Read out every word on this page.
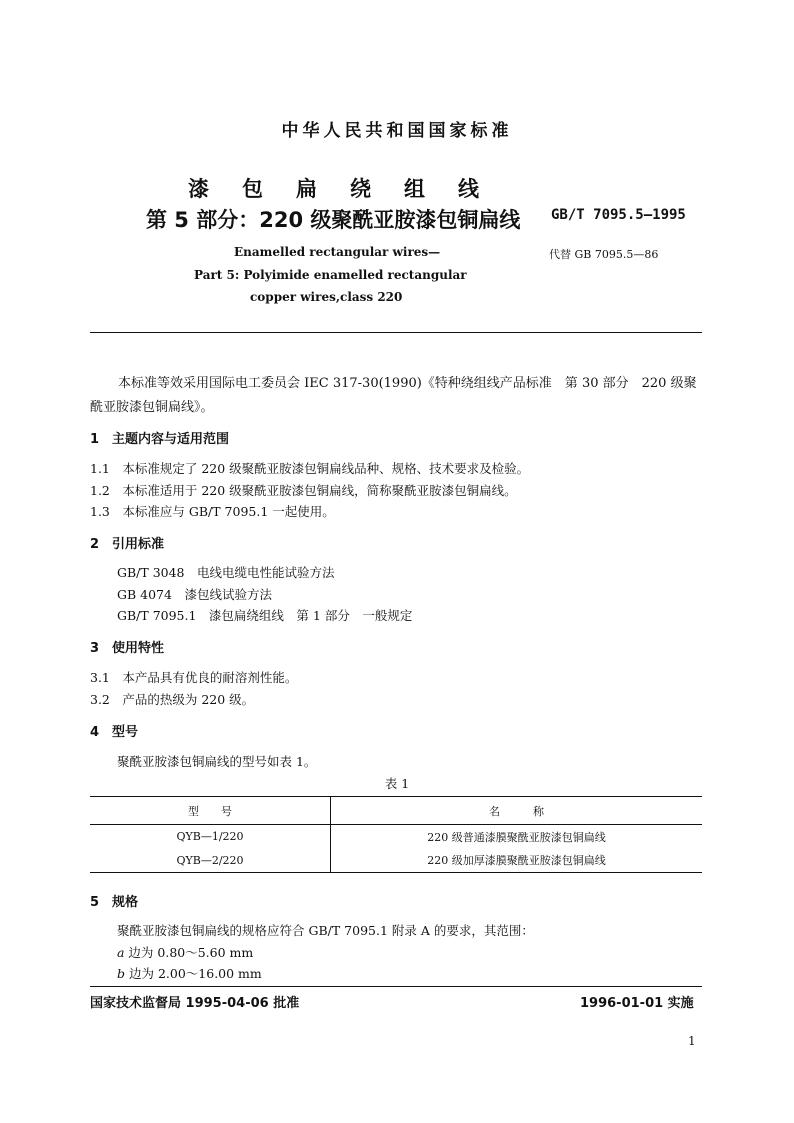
中华人民共和国国家标准
漆包扁绕组线
第 5 部分：220 级聚酰亚胺漆包铜扁线 GB/T 7095.5—1995
代替 GB 7095.5—86
Enamelled rectangular wires—
Part 5: Polyimide enamelled rectangular
copper wires,class 220
本标准等效采用国际电工委员会 IEC 317-30(1990)《特种绕组线产品标准　第 30 部分　220 级聚酰亚胺漆包铜扁线》。
1　主题内容与适用范围
1.1　本标准规定了 220 级聚酰亚胺漆包铜扁线品种、规格、技术要求及检验。
1.2　本标准适用于 220 级聚酰亚胺漆包铜扁线，简称聚酰亚胺漆包铜扁线。
1.3　本标准应与 GB/T 7095.1 一起使用。
2　引用标准
GB/T 3048　电线电缆电性能试验方法
GB 4074　漆包线试验方法
GB/T 7095.1　漆包扁绕组线　第 1 部分　一般规定
3　使用特性
3.1　本产品具有优良的耐溶剂性能。
3.2　产品的热级为 220 级。
4　型号
聚酰亚胺漆包铜扁线的型号如表 1。
表 1
型　　号	名　　　称
QYB—1/220	220 级普通漆膜聚酰亚胺漆包铜扁线
QYB—2/220	220 级加厚漆膜聚酰亚胺漆包铜扁线
5　规格
聚酰亚胺漆包铜扁线的规格应符合 GB/T 7095.1 附录 A 的要求，其范围：
a 边为 0.80～5.60 mm
b 边为 2.00～16.00 mm
国家技术监督局 1995-04-06 批准	1996-01-01 实施
1
